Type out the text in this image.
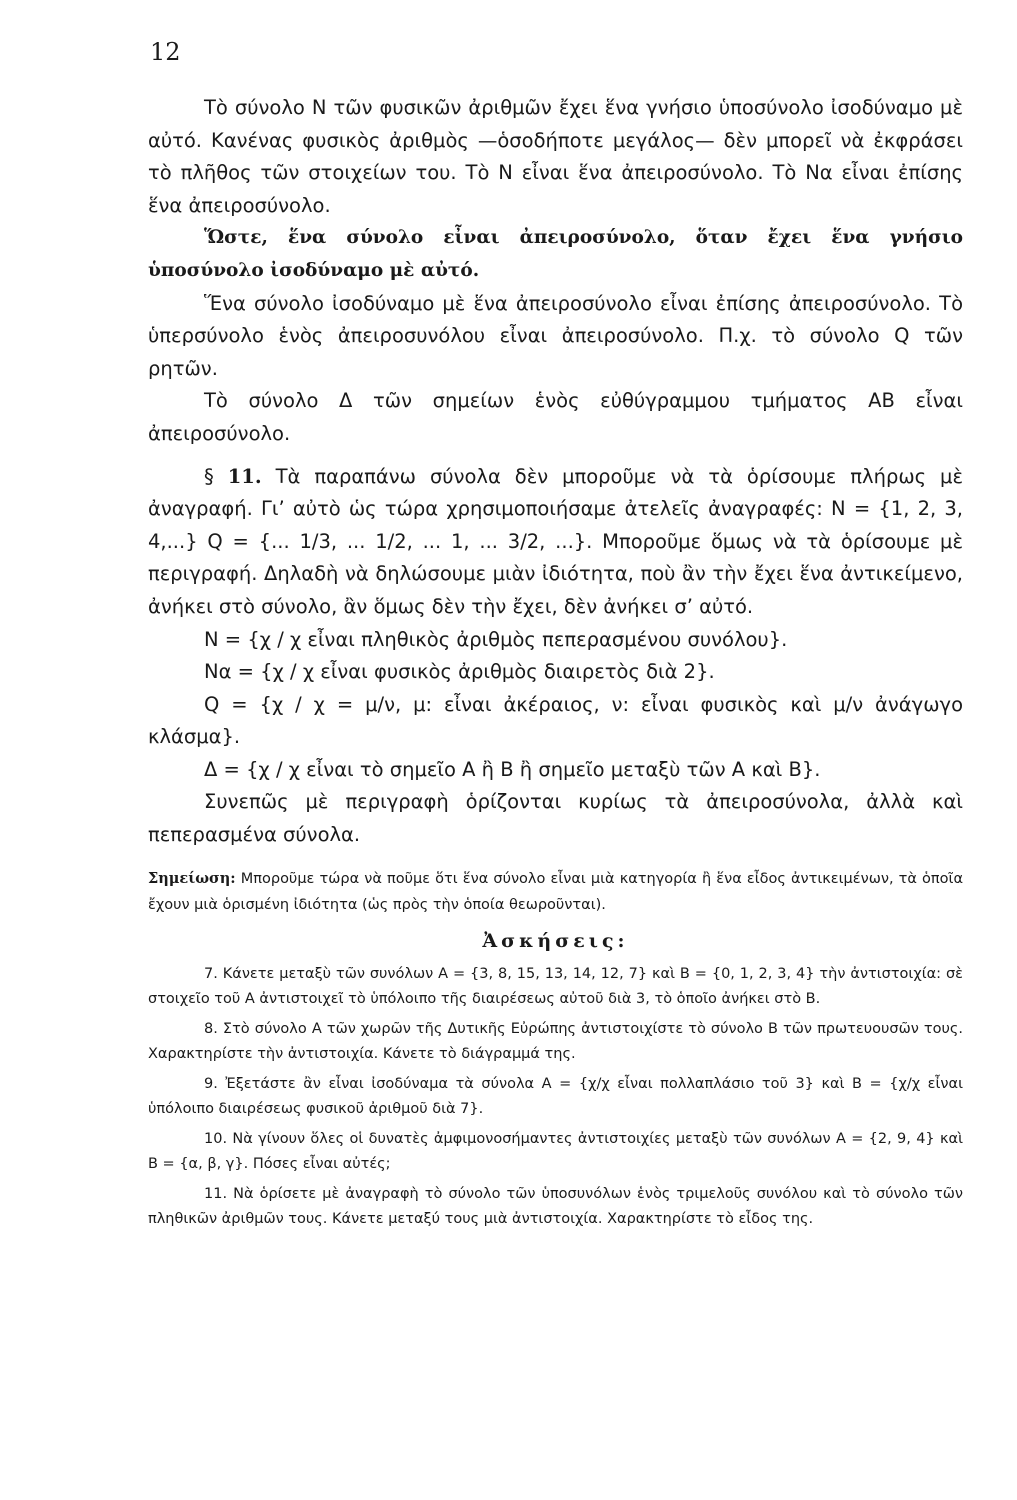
12

Τὸ σύνολο N τῶν φυσικῶν ἀριθμῶν ἔχει ἕνα γνήσιο ὑποσύνολο ἰσοδύναμο μὲ αὐτό. Κανένας φυσικὸς ἀριθμὸς —ὁσοδήποτε μεγάλος— δὲν μπορεῖ νὰ ἐκφράσει τὸ πλῆθος τῶν στοιχείων του. Τὸ N εἶναι ἕνα ἀπειροσύνολο. Τὸ Nα εἶναι ἐπίσης ἕνα ἀπειροσύνολο.

Ὥστε, ἕνα σύνολο εἶναι ἀπειροσύνολο, ὅταν ἔχει ἕνα γνήσιο ὑποσύνολο ἰσοδύναμο μὲ αὐτό.

Ἕνα σύνολο ἰσοδύναμο μὲ ἕνα ἀπειροσύνολο εἶναι ἐπίσης ἀπειροσύνολο. Τὸ ὑπερσύνολο ἑνὸς ἀπειροσυνόλου εἶναι ἀπειροσύνολο. Π.χ. τὸ σύνολο Q τῶν ρητῶν.

Τὸ σύνολο Δ τῶν σημείων ἑνὸς εὐθύγραμμου τμήματος AB εἶναι ἀπειροσύνολο.

§ 11. Τὰ παραπάνω σύνολα δὲν μποροῦμε νὰ τὰ ὁρίσουμε πλήρως μὲ ἀναγραφή. Γι’ αὐτὸ ὡς τώρα χρησιμοποιήσαμε ἀτελεῖς ἀναγραφές: N = {1, 2, 3, 4,...} Q = {... 1/3, ... 1/2, ... 1, ... 3/2, ...}. Μποροῦμε ὅμως νὰ τὰ ὁρίσουμε μὲ περιγραφή. Δηλαδὴ νὰ δηλώσουμε μιὰν ἰδιότητα, ποὺ ἂν τὴν ἔχει ἕνα ἀντικείμενο, ἀνήκει στὸ σύνολο, ἂν ὅμως δὲν τὴν ἔχει, δὲν ἀνήκει σ’ αὐτό.

N = {χ / χ εἶναι πληθικὸς ἀριθμὸς πεπερασμένου συνόλου}.

Nα = {χ / χ εἶναι φυσικὸς ἀριθμὸς διαιρετὸς διὰ 2}.

Q = {χ / χ = μ/ν, μ: εἶναι ἀκέραιος, ν: εἶναι φυσικὸς καὶ μ/ν ἀνάγωγο κλάσμα}.

Δ = {χ / χ εἶναι τὸ σημεῖο A ἢ B ἢ σημεῖο μεταξὺ τῶν A καὶ B}.

Συνεπῶς μὲ περιγραφὴ ὁρίζονται κυρίως τὰ ἀπειροσύνολα, ἀλλὰ καὶ πεπερασμένα σύνολα.

Σημείωση: Μποροῦμε τώρα νὰ ποῦμε ὅτι ἕνα σύνολο εἶναι μιὰ κατηγορία ἢ ἕνα εἶδος ἀντικειμένων, τὰ ὁποῖα ἔχουν μιὰ ὁρισμένη ἰδιότητα (ὡς πρὸς τὴν ὁποία θεωροῦνται).
Ἀσκήσεις:

7. Κάνετε μεταξὺ τῶν συνόλων A = {3, 8, 15, 13, 14, 12, 7} καὶ B = {0, 1, 2, 3, 4} τὴν ἀντιστοιχία: σὲ στοιχεῖο τοῦ A ἀντιστοιχεῖ τὸ ὑπόλοιπο τῆς διαιρέσεως αὐτοῦ διὰ 3, τὸ ὁποῖο ἀνήκει στὸ B.

8. Στὸ σύνολο A τῶν χωρῶν τῆς Δυτικῆς Εὐρώπης ἀντιστοιχίστε τὸ σύνολο B τῶν πρωτευουσῶν τους. Χαρακτηρίστε τὴν ἀντιστοιχία. Κάνετε τὸ διάγραμμά της.

9. Ἐξετάστε ἂν εἶναι ἰσοδύναμα τὰ σύνολα A = {χ/χ εἶναι πολλαπλάσιο τοῦ 3} καὶ B = {χ/χ εἶναι ὑπόλοιπο διαιρέσεως φυσικοῦ ἀριθμοῦ διὰ 7}.

10. Νὰ γίνουν ὅλες οἱ δυνατὲς ἀμφιμονοσήμαντες ἀντιστοιχίες μεταξὺ τῶν συνόλων A = {2, 9, 4} καὶ B = {α, β, γ}. Πόσες εἶναι αὐτές;

11. Νὰ ὁρίσετε μὲ ἀναγραφὴ τὸ σύνολο τῶν ὑποσυνόλων ἑνὸς τριμελοῦς συνόλου καὶ τὸ σύνολο τῶν πληθικῶν ἀριθμῶν τους. Κάνετε μεταξύ τους μιὰ ἀντιστοιχία. Χαρακτηρίστε τὸ εἶδος της.
